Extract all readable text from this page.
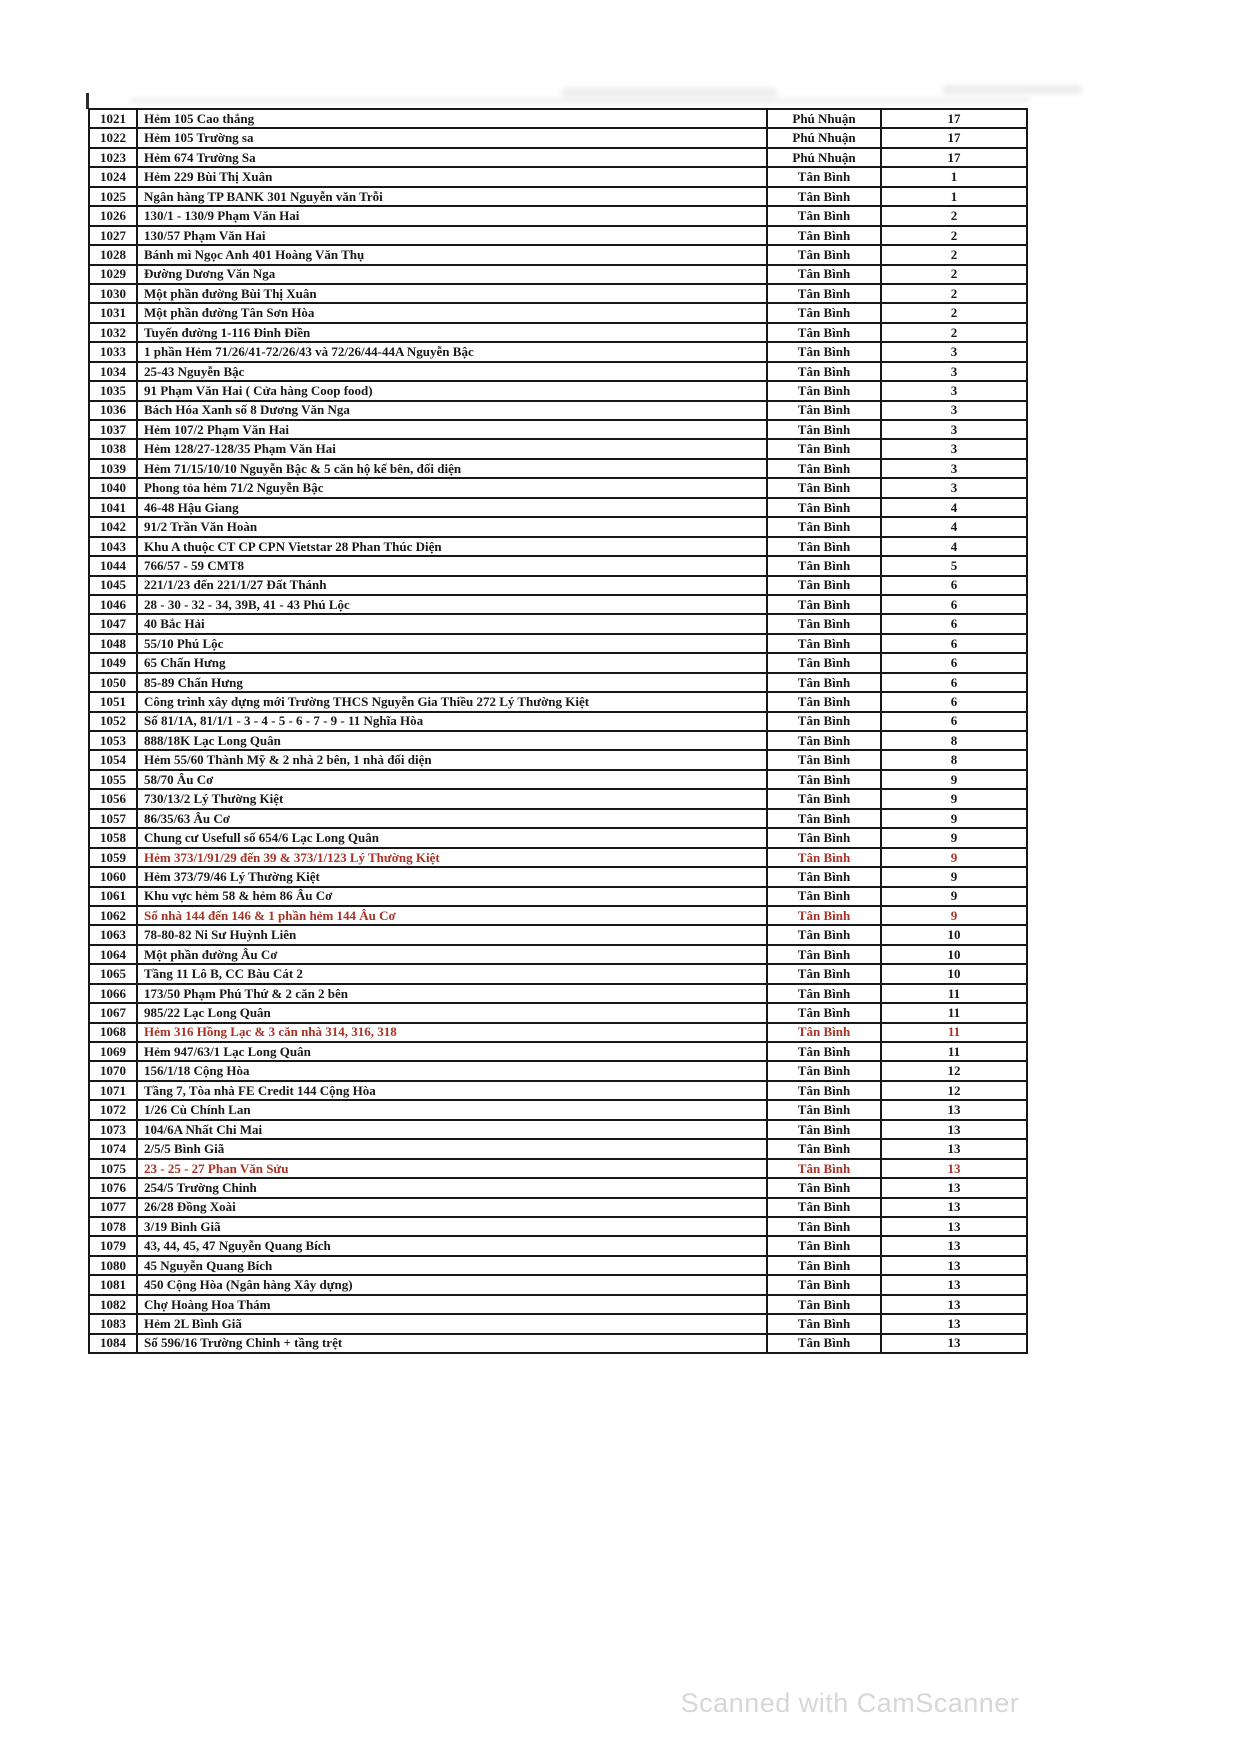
1021	Hẻm 105 Cao thắng	Phú Nhuận	17
1022	Hẻm 105 Trường sa	Phú Nhuận	17
1023	Hẻm 674 Trường Sa	Phú Nhuận	17
1024	Hẻm 229 Bùi Thị Xuân	Tân Bình	1
1025	Ngân hàng TP BANK 301 Nguyễn văn Trỗi	Tân Bình	1
1026	130/1 - 130/9 Phạm Văn Hai	Tân Bình	2
1027	130/57 Phạm Văn Hai	Tân Bình	2
1028	Bánh mì Ngọc Anh 401 Hoàng Văn Thụ	Tân Bình	2
1029	Đường Dương Văn Nga	Tân Bình	2
1030	Một phần đường Bùi Thị Xuân	Tân Bình	2
1031	Một phần đường Tân Sơn Hòa	Tân Bình	2
1032	Tuyến đường 1-116 Đinh Điền	Tân Bình	2
1033	1 phần Hẻm 71/26/41-72/26/43 và 72/26/44-44A Nguyễn Bậc	Tân Bình	3
1034	25-43 Nguyễn Bậc	Tân Bình	3
1035	91 Phạm Văn Hai ( Cửa hàng Coop food)	Tân Bình	3
1036	Bách Hóa Xanh số 8 Dương Văn Nga	Tân Bình	3
1037	Hẻm 107/2 Phạm Văn Hai	Tân Bình	3
1038	Hẻm 128/27-128/35 Phạm Văn Hai	Tân Bình	3
1039	Hẻm 71/15/10/10 Nguyễn Bậc & 5 căn hộ kế bên, đối diện	Tân Bình	3
1040	Phong tỏa hẻm 71/2 Nguyễn Bậc	Tân Bình	3
1041	46-48 Hậu Giang	Tân Bình	4
1042	91/2 Trần Văn Hoàn	Tân Bình	4
1043	Khu A thuộc CT CP CPN Vietstar 28 Phan Thúc Diện	Tân Bình	4
1044	766/57 - 59 CMT8	Tân Bình	5
1045	221/1/23 đến 221/1/27 Đất Thánh	Tân Bình	6
1046	28 - 30 - 32 - 34, 39B, 41 - 43 Phú Lộc	Tân Bình	6
1047	40 Bắc Hải	Tân Bình	6
1048	55/10 Phú Lộc	Tân Bình	6
1049	65 Chấn Hưng	Tân Bình	6
1050	85-89 Chấn Hưng	Tân Bình	6
1051	Công trình xây dựng mới Trường THCS Nguyễn Gia Thiều 272 Lý Thường Kiệt	Tân Bình	6
1052	Số 81/1A, 81/1/1 - 3 - 4 - 5 - 6 - 7 - 9 - 11 Nghĩa Hòa	Tân Bình	6
1053	888/18K Lạc Long Quân	Tân Bình	8
1054	Hẻm 55/60 Thành Mỹ & 2 nhà 2 bên, 1 nhà đối diện	Tân Bình	8
1055	58/70 Âu Cơ	Tân Bình	9
1056	730/13/2 Lý Thường Kiệt	Tân Bình	9
1057	86/35/63 Âu Cơ	Tân Bình	9
1058	Chung cư Usefull số 654/6 Lạc Long Quân	Tân Bình	9
1059	Hẻm 373/1/91/29 đến 39 & 373/1/123 Lý Thường Kiệt	Tân Bình	9
1060	Hẻm 373/79/46 Lý Thường Kiệt	Tân Bình	9
1061	Khu vực hẻm 58 & hẻm 86 Âu Cơ	Tân Bình	9
1062	Số nhà 144 đến 146 & 1 phần hẻm 144 Âu Cơ	Tân Bình	9
1063	78-80-82 Ni Sư Huỳnh Liên	Tân Bình	10
1064	Một phần đường Âu Cơ	Tân Bình	10
1065	Tầng 11 Lô B, CC Bàu Cát 2	Tân Bình	10
1066	173/50 Phạm Phú Thứ & 2 căn 2 bên	Tân Bình	11
1067	985/22 Lạc Long Quân	Tân Bình	11
1068	Hẻm 316 Hồng Lạc & 3 căn nhà 314, 316, 318	Tân Bình	11
1069	Hẻm 947/63/1 Lạc Long Quân	Tân Bình	11
1070	156/1/18 Cộng Hòa	Tân Bình	12
1071	Tầng 7, Tòa nhà FE Credit 144 Cộng Hòa	Tân Bình	12
1072	1/26 Cù Chính Lan	Tân Bình	13
1073	104/6A Nhất Chi Mai	Tân Bình	13
1074	2/5/5 Bình Giã	Tân Bình	13
1075	23 - 25 - 27 Phan Văn Sửu	Tân Bình	13
1076	254/5 Trường Chinh	Tân Bình	13
1077	26/28 Đồng Xoài	Tân Bình	13
1078	3/19 Bình Giã	Tân Bình	13
1079	43, 44, 45, 47 Nguyễn Quang Bích	Tân Bình	13
1080	45 Nguyễn Quang Bích	Tân Bình	13
1081	450 Cộng Hòa (Ngân hàng Xây dựng)	Tân Bình	13
1082	Chợ Hoàng Hoa Thám	Tân Bình	13
1083	Hẻm 2L Bình Giã	Tân Bình	13
1084	Số 596/16 Trường Chinh + tầng trệt	Tân Bình	13
Scanned with CamScanner
